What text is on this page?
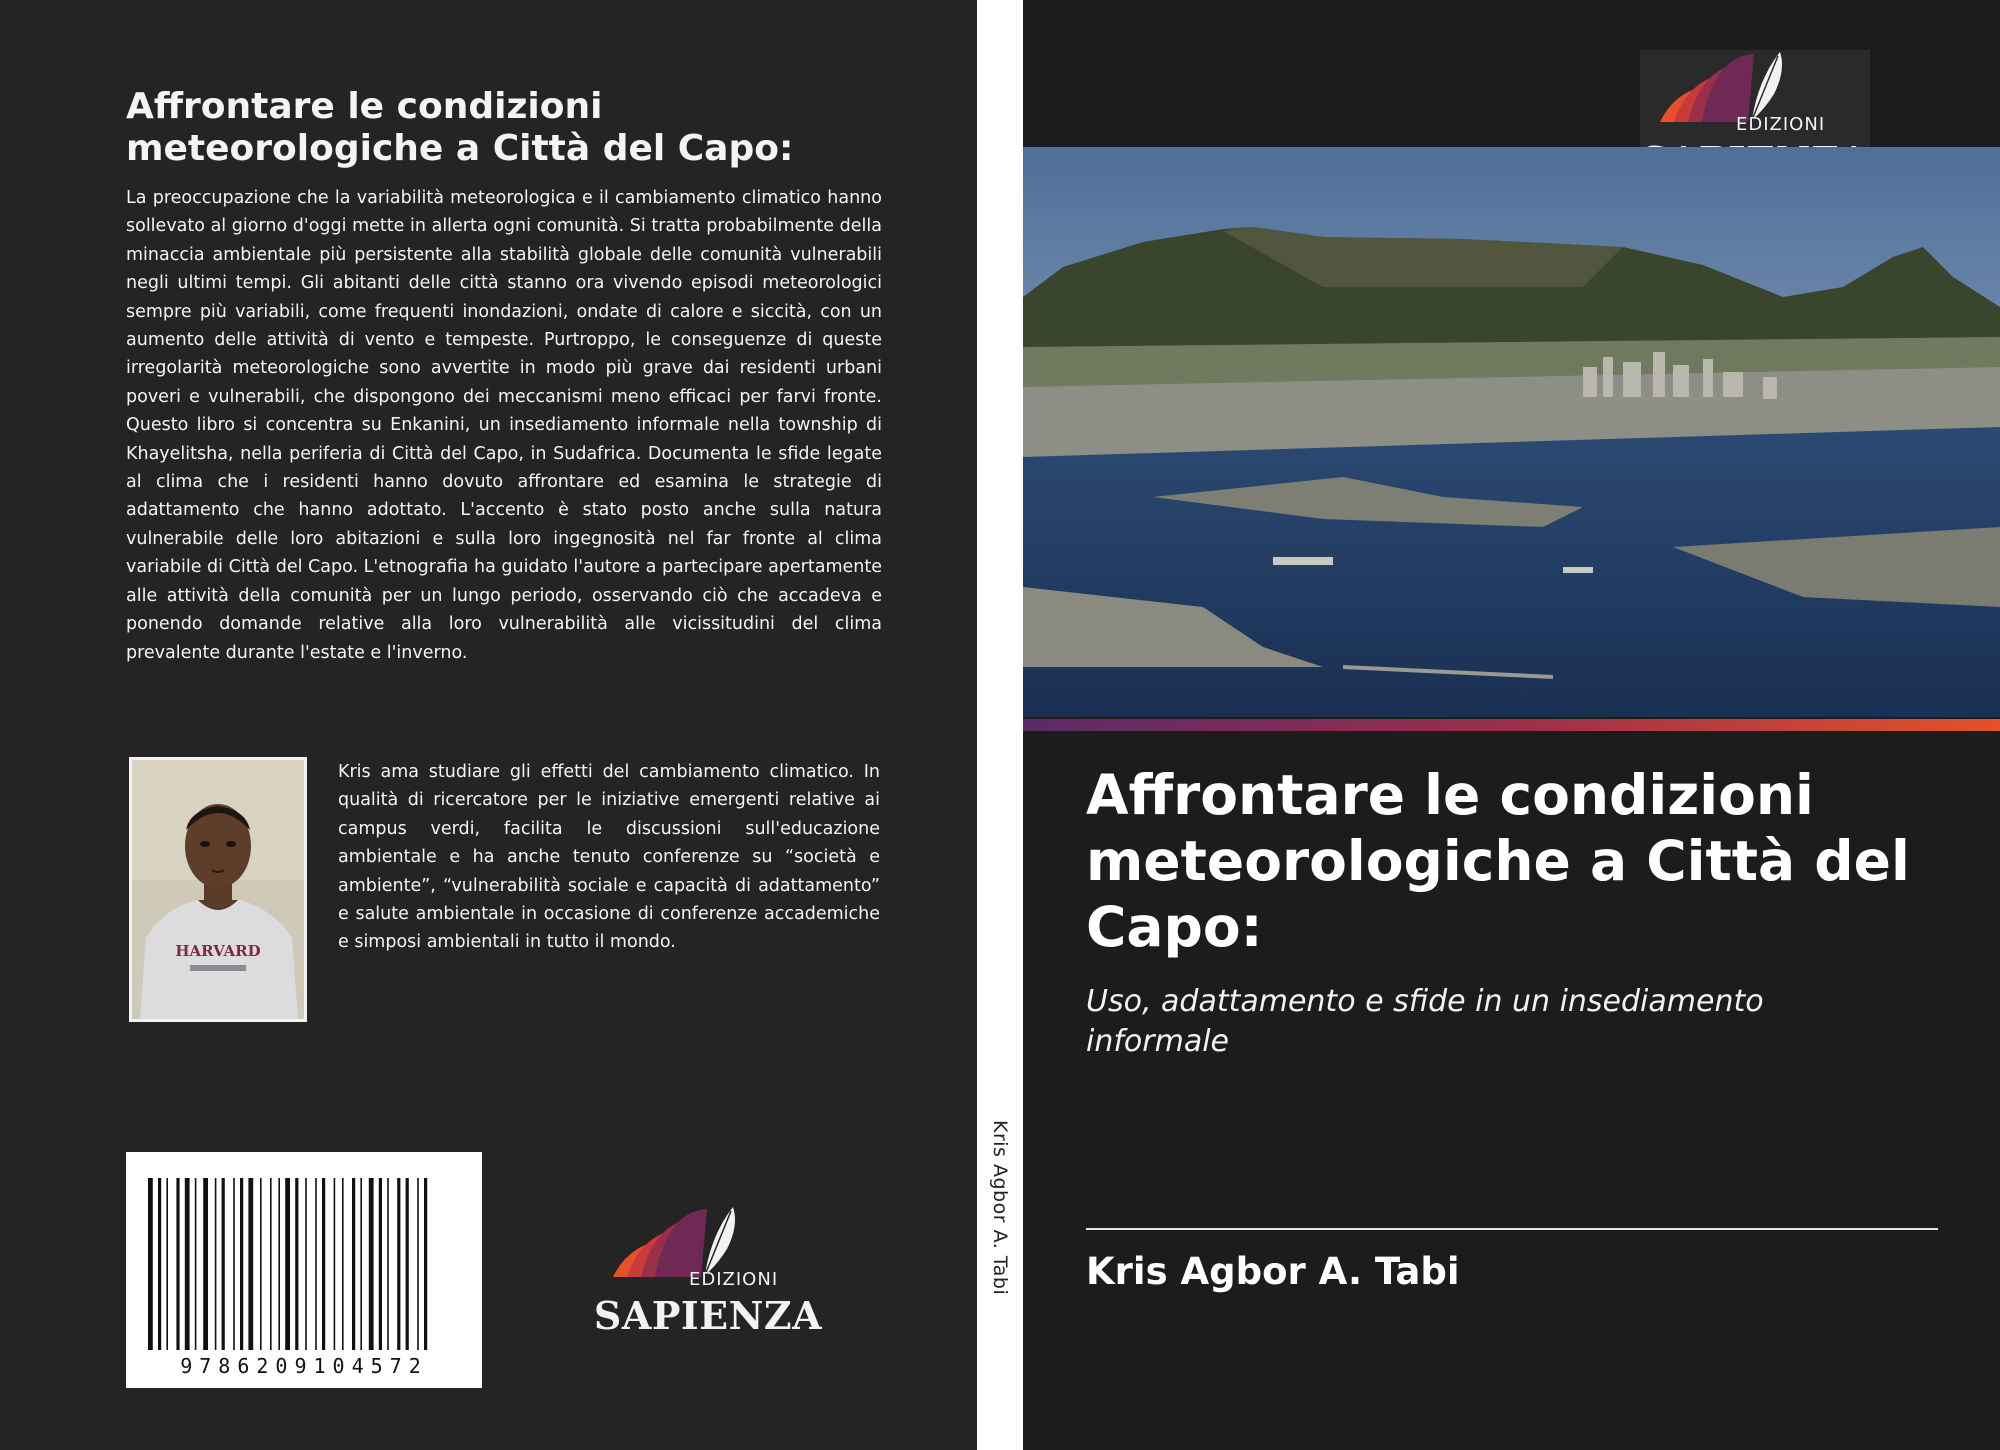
Affrontare le condizioni meteorologiche a Città del Capo:

La preoccupazione che la variabilità meteorologica e il cambiamento climatico hanno sollevato al giorno d'oggi mette in allerta ogni comunità. Si tratta probabilmente della minaccia ambientale più persistente alla stabilità globale delle comunità vulnerabili negli ultimi tempi. Gli abitanti delle città stanno ora vivendo episodi meteorologici sempre più variabili, come frequenti inondazioni, ondate di calore e siccità, con un aumento delle attività di vento e tempeste. Purtroppo, le conseguenze di queste irregolarità meteorologiche sono avvertite in modo più grave dai residenti urbani poveri e vulnerabili, che dispongono dei meccanismi meno efficaci per farvi fronte. Questo libro si concentra su Enkanini, un insediamento informale nella township di Khayelitsha, nella periferia di Città del Capo, in Sudafrica. Documenta le sfide legate al clima che i residenti hanno dovuto affrontare ed esamina le strategie di adattamento che hanno adottato. L'accento è stato posto anche sulla natura vulnerabile delle loro abitazioni e sulla loro ingegnosità nel far fronte al clima variabile di Città del Capo. L'etnografia ha guidato l'autore a partecipare apertamente alle attività della comunità per un lungo periodo, osservando ciò che accadeva e ponendo domande relative alla loro vulnerabilità alle vicissitudini del clima prevalente durante l'estate e l'inverno.

HARVARD

Kris ama studiare gli effetti del cambiamento climatico. In qualità di ricercatore per le iniziative emergenti relative ai campus verdi, facilita le discussioni sull'educazione ambientale e ha anche tenuto conferenze su “società e ambiente”, “vulnerabilità sociale e capacità di adattamento” e salute ambientale in occasione di conferenze accademiche e simposi ambientali in tutto il mondo.

9786209104572
EDIZIONI
SAPIENZA
Kris Agbor A. Tabi
EDIZIONI
Affrontare le condizioni meteorologiche a Città del Capo:

Uso, adattamento e sfide in un insediamento informale

Kris Agbor A. Tabi
